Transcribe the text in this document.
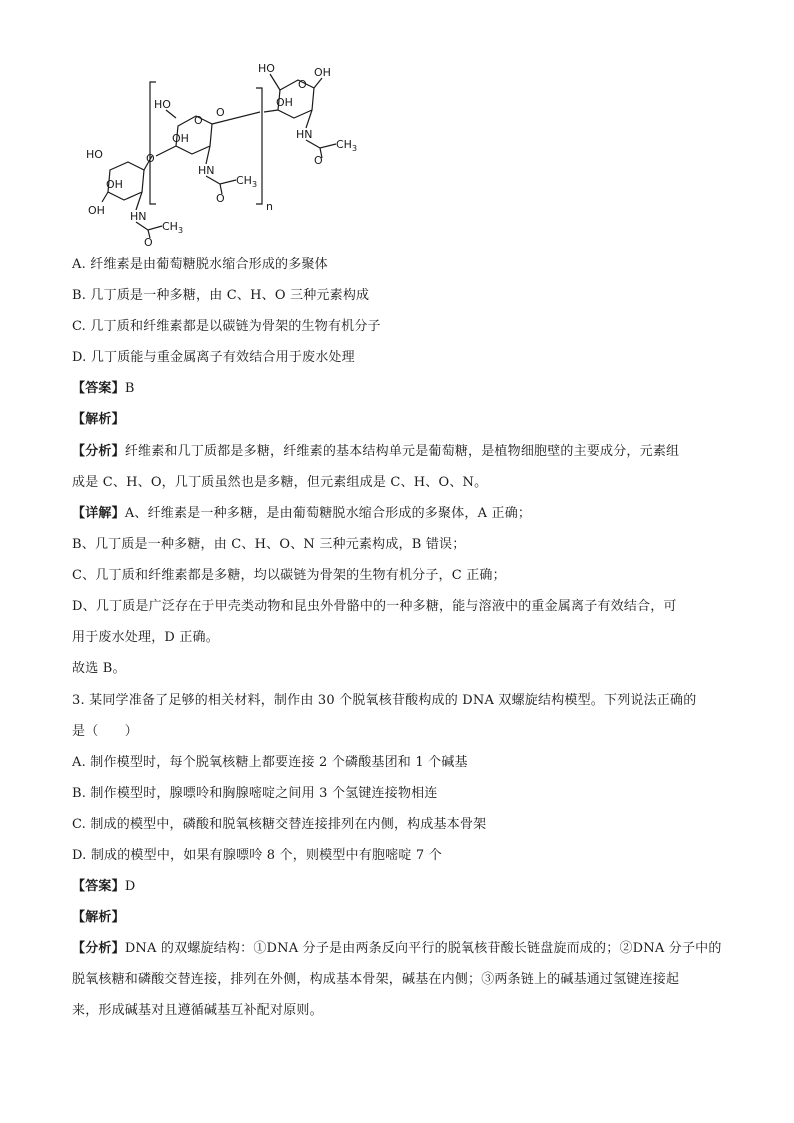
HO
OH
OH
O
HN
$CH_3$
O
HO
OH
O
O
HN
$CH_3$
O
n
HO	OH
OH
O
HN
$CH_3$
O
A. 纤维素是由葡萄糖脱水缩合形成的多聚体
B. 几丁质是一种多糖，由 C、H、O 三种元素构成
C. 几丁质和纤维素都是以碳链为骨架的生物有机分子
D. 几丁质能与重金属离子有效结合用于废水处理
【答案】B
【解析】
【分析】纤维素和几丁质都是多糖，纤维素的基本结构单元是葡萄糖，是植物细胞壁的主要成分，元素组
成是 C、H、O，几丁质虽然也是多糖，但元素组成是 C、H、O、N。
【详解】A、纤维素是一种多糖，是由葡萄糖脱水缩合形成的多聚体，A 正确；
B、几丁质是一种多糖，由 C、H、O、N 三种元素构成，B 错误；
C、几丁质和纤维素都是多糖，均以碳链为骨架的生物有机分子，C 正确；
D、几丁质是广泛存在于甲壳类动物和昆虫外骨骼中的一种多糖，能与溶液中的重金属离子有效结合，可
用于废水处理，D 正确。
故选 B。
3. 某同学准备了足够的相关材料，制作由 30 个脱氧核苷酸构成的 DNA 双螺旋结构模型。下列说法正确的
是（　　）
A. 制作模型时，每个脱氧核糖上都要连接 2 个磷酸基团和 1 个碱基
B. 制作模型时，腺嘌呤和胸腺嘧啶之间用 3 个氢键连接物相连
C. 制成的模型中，磷酸和脱氧核糖交替连接排列在内侧，构成基本骨架
D. 制成的模型中，如果有腺嘌呤 8 个，则模型中有胞嘧啶 7 个
【答案】D
【解析】
【分析】DNA 的双螺旋结构：①DNA 分子是由两条反向平行的脱氧核苷酸长链盘旋而成的；②DNA 分子中的
脱氧核糖和磷酸交替连接，排列在外侧，构成基本骨架，碱基在内侧；③两条链上的碱基通过氢键连接起
来，形成碱基对且遵循碱基互补配对原则。
